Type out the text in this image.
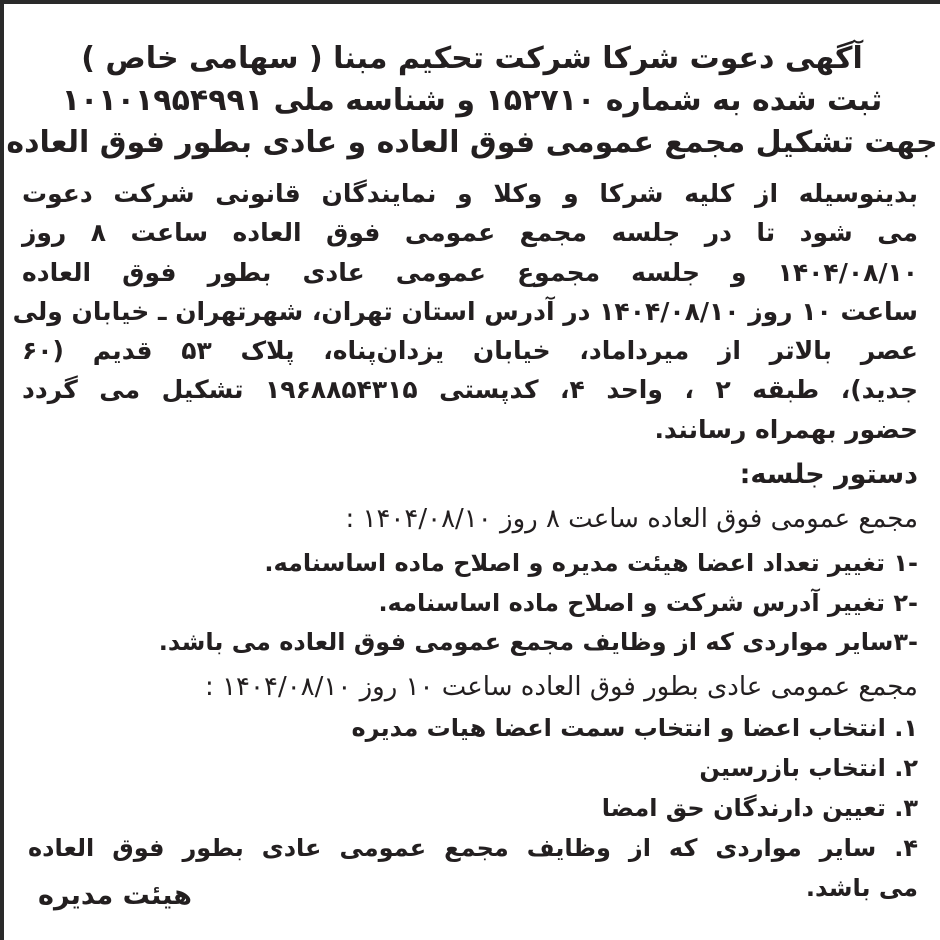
آگهی دعوت شرکا شرکت تحکیم مبنا ( سهامی خاص )
ثبت شده به شماره ۱۵۲۷۱۰ و شناسه ملی ۱۰۱۰۱۹۵۴۹۹۱
جهت تشکیل مجمع عمومی فوق العاده و عادی بطور فوق العاده
بدینوسیله از کلیه شرکا و وکلا و نمایندگان قانونی شرکت دعوت
می شود تا در جلسه مجمع عمومی فوق العاده ساعت ۸ روز
۱۴۰۴/۰۸/۱۰ و جلسه مجموع عمومی عادی بطور فوق العاده
ساعت ۱۰ روز ۱۴۰۴/۰۸/۱۰ در آدرس استان تهران، شهرتهران ـ خیابان ولی
عصر بالاتر از میرداماد، خیابان یزدان‌پناه، پلاک ۵۳ قدیم (۶۰
جدید)، طبقه ۲ ، واحد ۴، کدپستی ۱۹۶۸۸۵۴۳۱۵ تشکیل می گردد
حضور بهمراه رسانند.
دستور جلسه:
مجمع عمومی فوق العاده ساعت ۸ روز ۱۴۰۴/۰۸/۱۰ :
-۱ تغییر تعداد اعضا هیئت مدیره و اصلاح ماده اساسنامه.
-۲ تغییر آدرس شرکت و اصلاح ماده اساسنامه.
-۳سایر مواردی که از وظایف مجمع عمومی فوق العاده می باشد.
مجمع عمومی عادی بطور فوق العاده ساعت ۱۰ روز ۱۴۰۴/۰۸/۱۰ :
۱. انتخاب اعضا و انتخاب سمت اعضا هیات مدیره
۲. انتخاب بازرسین
۳. تعیین دارندگان حق امضا
۴. سایر مواردی که از وظایف مجمع عمومی عادی بطور فوق العاده
می باشد.
هیئت مدیره
